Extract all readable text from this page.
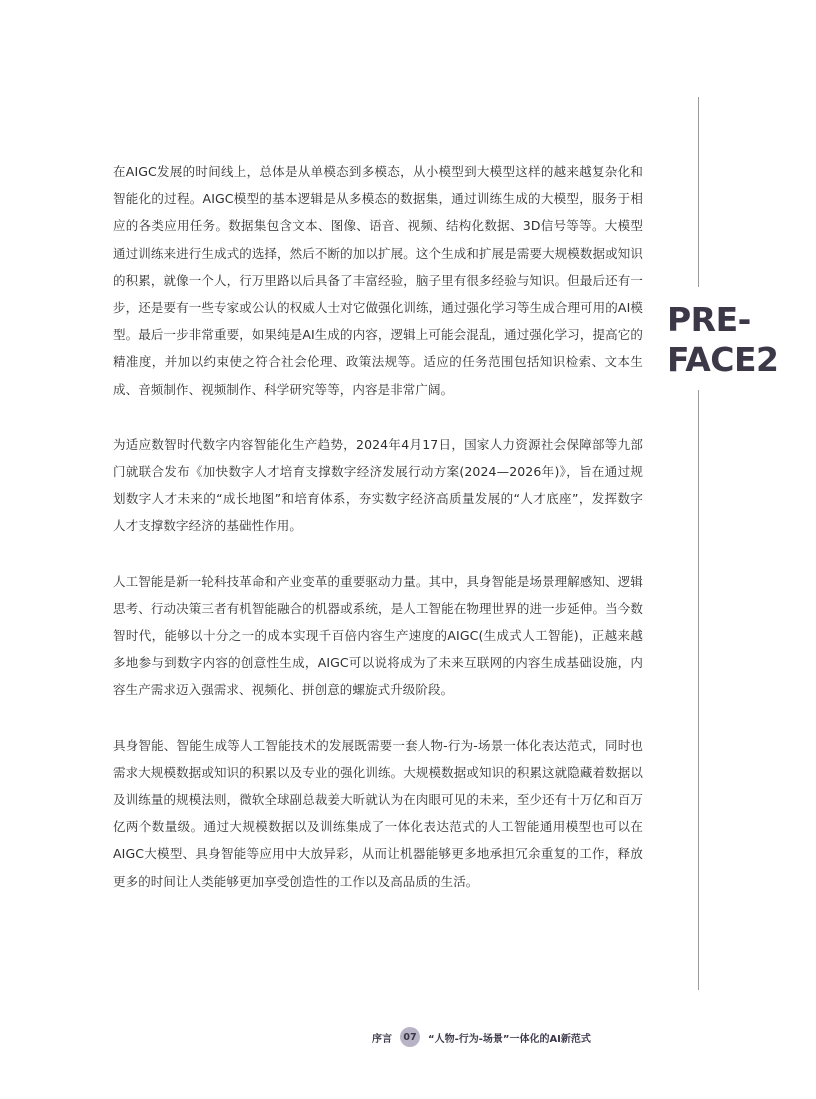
PRE-
FACE2

在AIGC发展的时间线上，总体是从单模态到多模态，从小模型到大模型这样的越来越复杂化和智能化的过程。AIGC模型的基本逻辑是从多模态的数据集，通过训练生成的大模型，服务于相应的各类应用任务。数据集包含文本、图像、语音、视频、结构化数据、3D信号等等。大模型通过训练来进行生成式的选择，然后不断的加以扩展。这个生成和扩展是需要大规模数据或知识的积累，就像一个人，行万里路以后具备了丰富经验，脑子里有很多经验与知识。但最后还有一步，还是要有一些专家或公认的权威人士对它做强化训练，通过强化学习等生成合理可用的AI模型。最后一步非常重要，如果纯是AI生成的内容，逻辑上可能会混乱，通过强化学习，提高它的精准度，并加以约束使之符合社会伦理、政策法规等。适应的任务范围包括知识检索、文本生成、音频制作、视频制作、科学研究等等，内容是非常广阔。

为适应数智时代数字内容智能化生产趋势，2024年4月17日，国家人力资源社会保障部等九部门就联合发布《加快数字人才培育支撑数字经济发展行动方案(2024—2026年)》，旨在通过规划数字人才未来的“成长地图”和培育体系，夯实数字经济高质量发展的“人才底座”，发挥数字人才支撑数字经济的基础性作用。

人工智能是新一轮科技革命和产业变革的重要驱动力量。其中，具身智能是场景理解感知、逻辑思考、行动决策三者有机智能融合的机器或系统，是人工智能在物理世界的进一步延伸。当今数智时代，能够以十分之一的成本实现千百倍内容生产速度的AIGC(生成式人工智能)，正越来越多地参与到数字内容的创意性生成，AIGC可以说将成为了未来互联网的内容生成基础设施，内容生产需求迈入强需求、视频化、拼创意的螺旋式升级阶段。

具身智能、智能生成等人工智能技术的发展既需要一套人物-行为-场景一体化表达范式，同时也需求大规模数据或知识的积累以及专业的强化训练。大规模数据或知识的积累这就隐藏着数据以及训练量的规模法则，微软全球副总裁姜大昕就认为在肉眼可见的未来，至少还有十万亿和百万亿两个数量级。通过大规模数据以及训练集成了一体化表达范式的人工智能通用模型也可以在AIGC大模型、具身智能等应用中大放异彩，从而让机器能够更多地承担冗余重复的工作，释放更多的时间让人类能够更加享受创造性的工作以及高品质的生活。

序言	07	“人物-行为-场景”一体化的AI新范式
